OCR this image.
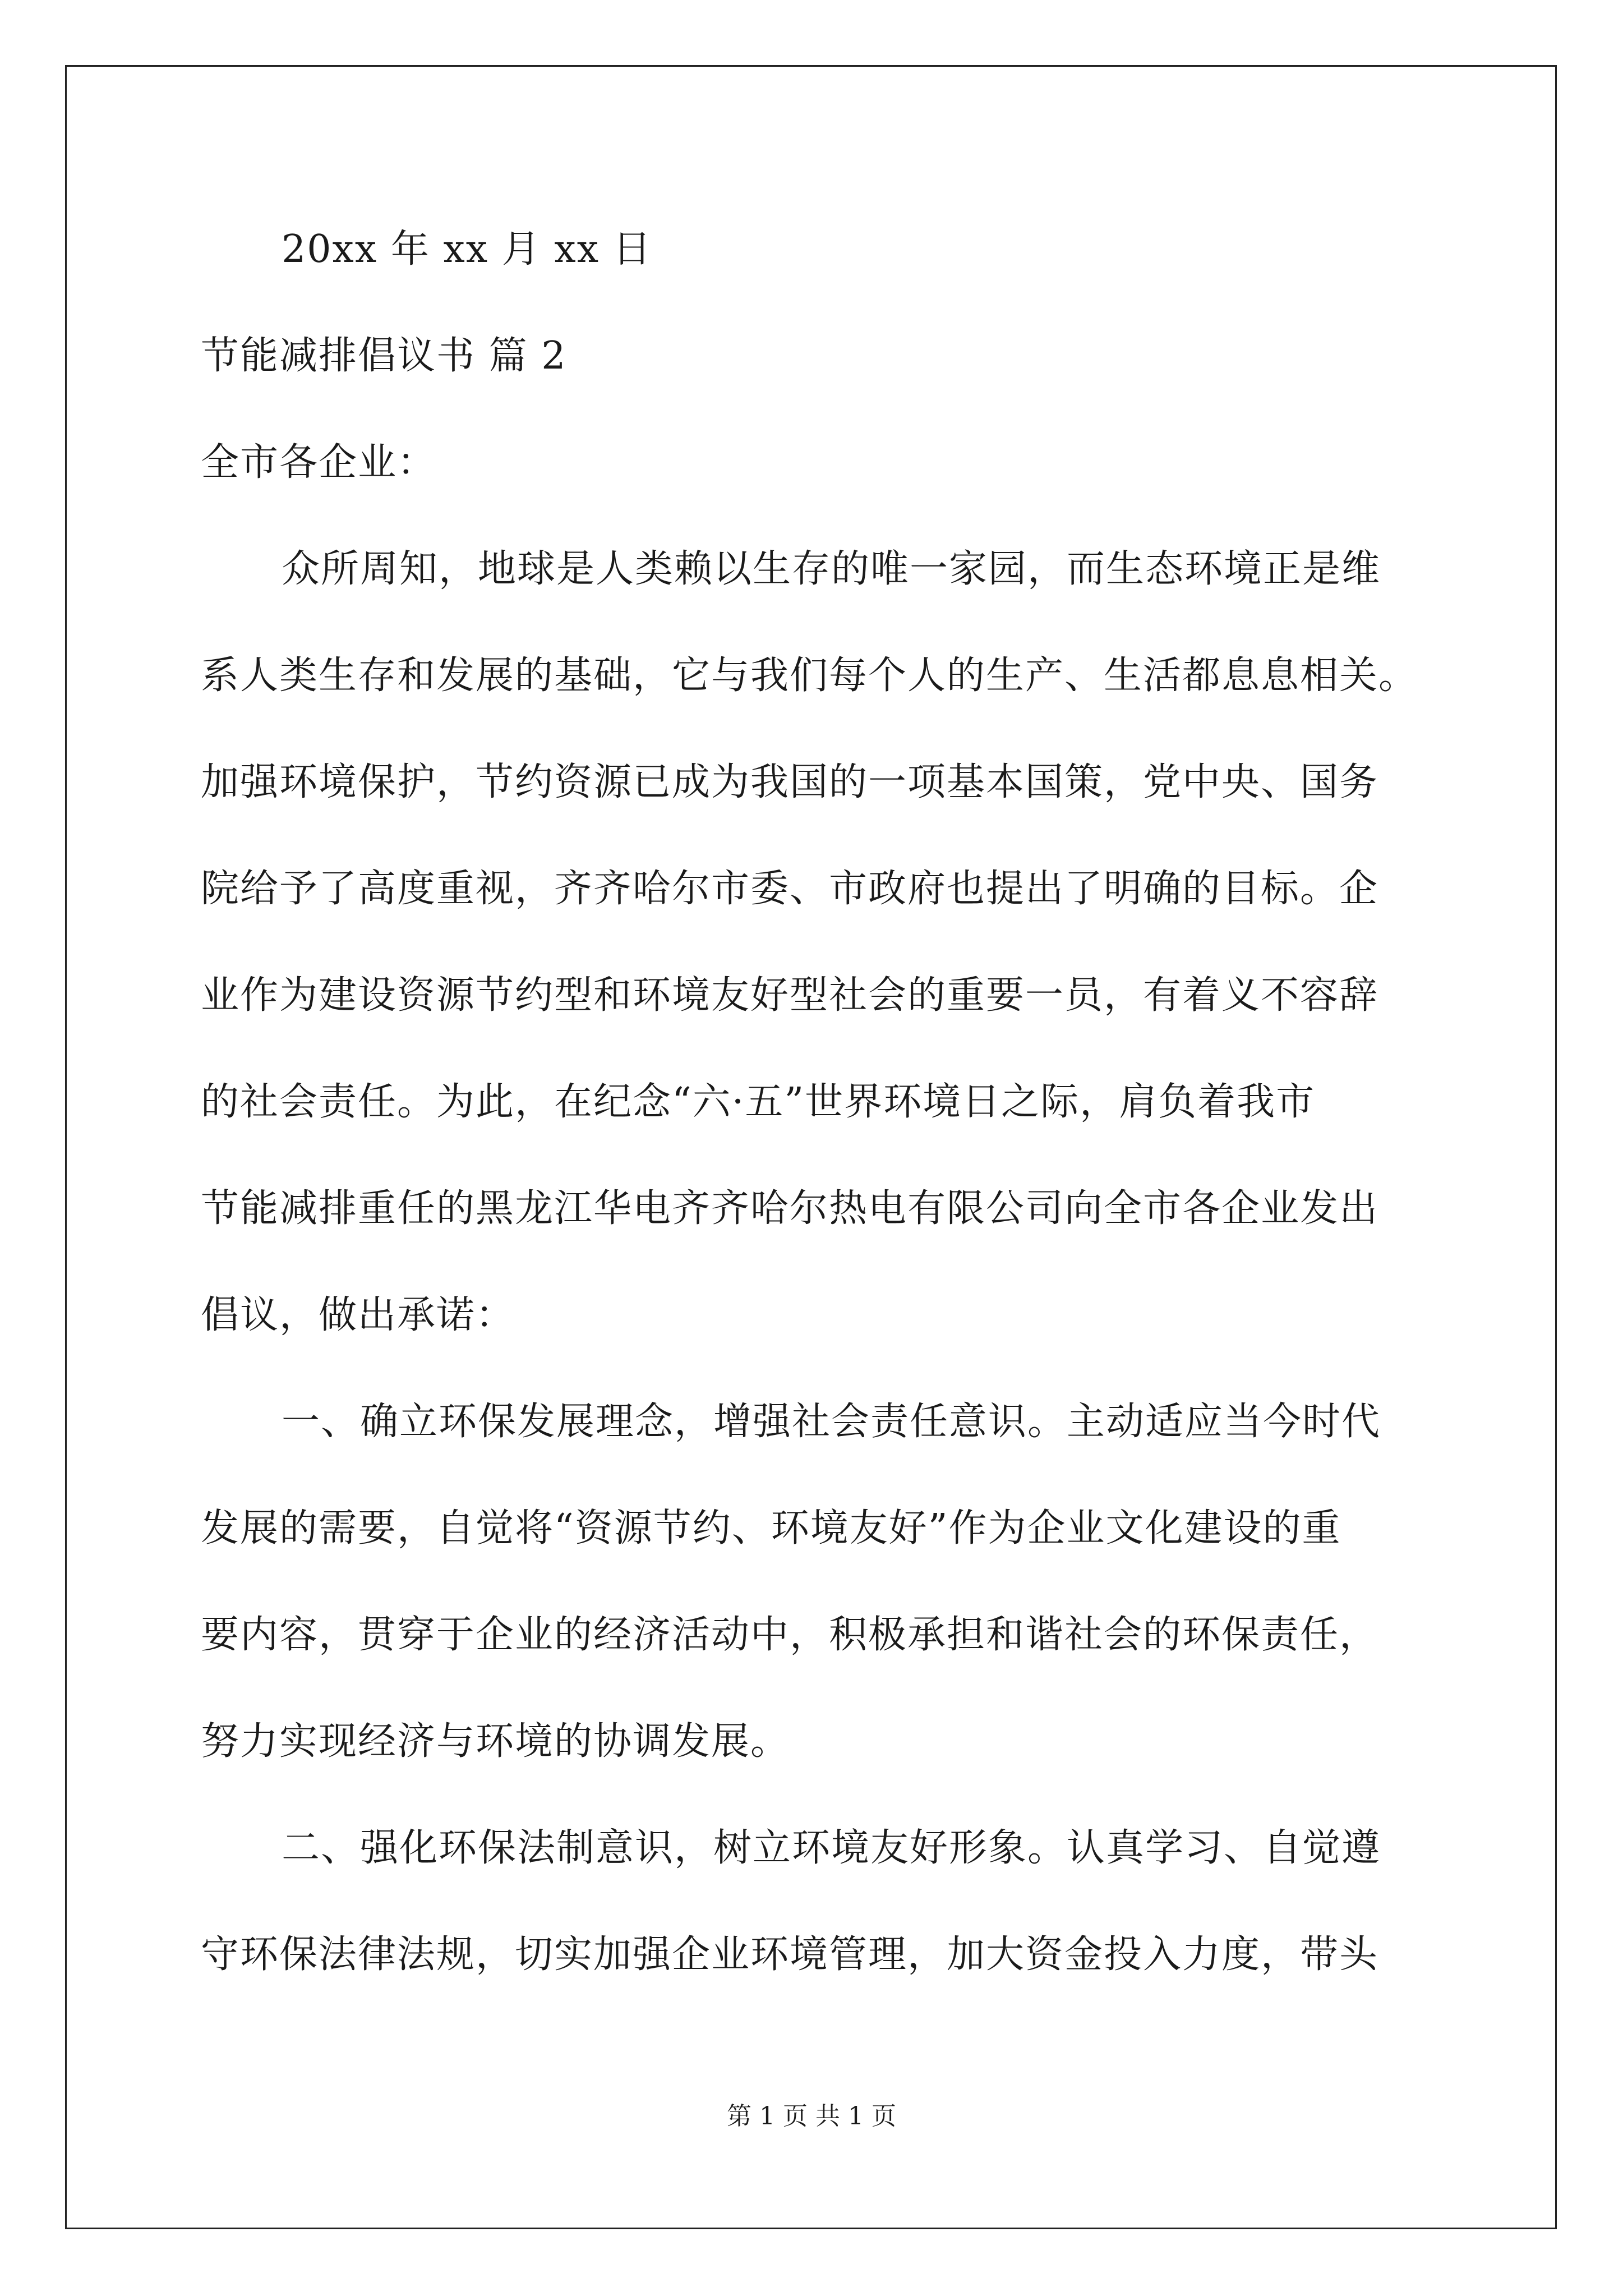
20xx 年 xx 月 xx 日
节能减排倡议书 篇 2
全市各企业：
众所周知，地球是人类赖以生存的唯一家园，而生态环境正是维
系人类生存和发展的基础，它与我们每个人的生产、生活都息息相关。
加强环境保护，节约资源已成为我国的一项基本国策，党中央、国务
院给予了高度重视，齐齐哈尔市委、市政府也提出了明确的目标。企
业作为建设资源节约型和环境友好型社会的重要一员，有着义不容辞
的社会责任。为此，在纪念“六·五”世界环境日之际，肩负着我市
节能减排重任的黑龙江华电齐齐哈尔热电有限公司向全市各企业发出
倡议，做出承诺：
一、确立环保发展理念，增强社会责任意识。主动适应当今时代
发展的需要，自觉将“资源节约、环境友好”作为企业文化建设的重
要内容，贯穿于企业的经济活动中，积极承担和谐社会的环保责任，
努力实现经济与环境的协调发展。
二、强化环保法制意识，树立环境友好形象。认真学习、自觉遵
守环保法律法规，切实加强企业环境管理，加大资金投入力度，带头
第 1 页 共 1 页
